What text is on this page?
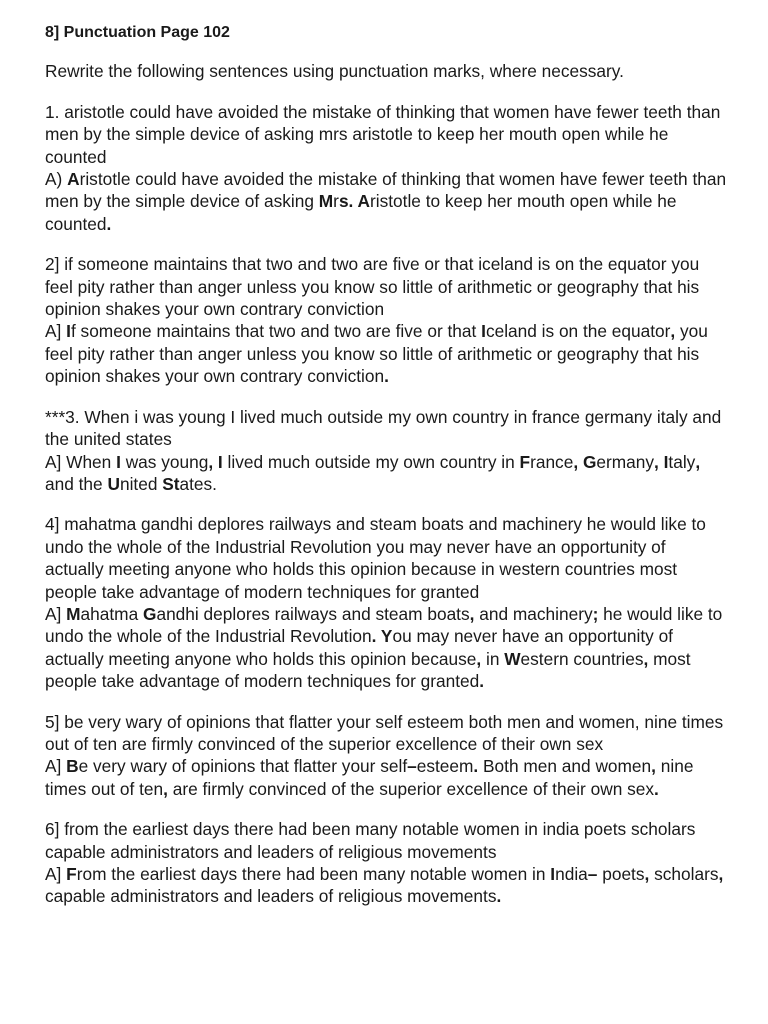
8] Punctuation Page 102

Rewrite the following sentences using punctuation marks, where necessary.

1. aristotle could have avoided the mistake of thinking that women have fewer teeth than men by the simple device of asking mrs aristotle to keep her mouth open while he counted

A) Aristotle could have avoided the mistake of thinking that women have fewer teeth than men by the simple device of asking Mrs. Aristotle to keep her mouth open while he counted.

2] if someone maintains that two and two are five or that iceland is on the equator you feel pity rather than anger unless you know so little of arithmetic or geography that his opinion shakes your own contrary conviction

A] If someone maintains that two and two are five or that Iceland is on the equator, you feel pity rather than anger unless you know so little of arithmetic or geography that his opinion shakes your own contrary conviction.

***3. When i was young I lived much outside my own country in france germany italy and the united states

A] When I was young, I lived much outside my own country in France, Germany, Italy, and the United States.

4] mahatma gandhi deplores railways and steam boats and machinery he would like to undo the whole of the Industrial Revolution you may never have an opportunity of actually meeting anyone who holds this opinion because in western countries most people take advantage of modern techniques for granted

A] Mahatma Gandhi deplores railways and steam boats, and machinery; he would like to undo the whole of the Industrial Revolution. You may never have an opportunity of actually meeting anyone who holds this opinion because, in Western countries, most people take advantage of modern techniques for granted.

5] be very wary of opinions that flatter your self esteem both men and women, nine times out of ten are firmly convinced of the superior excellence of their own sex

A] Be very wary of opinions that flatter your self–esteem. Both men and women, nine times out of ten, are firmly convinced of the superior excellence of their own sex.

6] from the earliest days there had been many notable women in india poets scholars capable administrators and leaders of religious movements

A] From the earliest days there had been many notable women in India– poets, scholars, capable administrators and leaders of religious movements.
